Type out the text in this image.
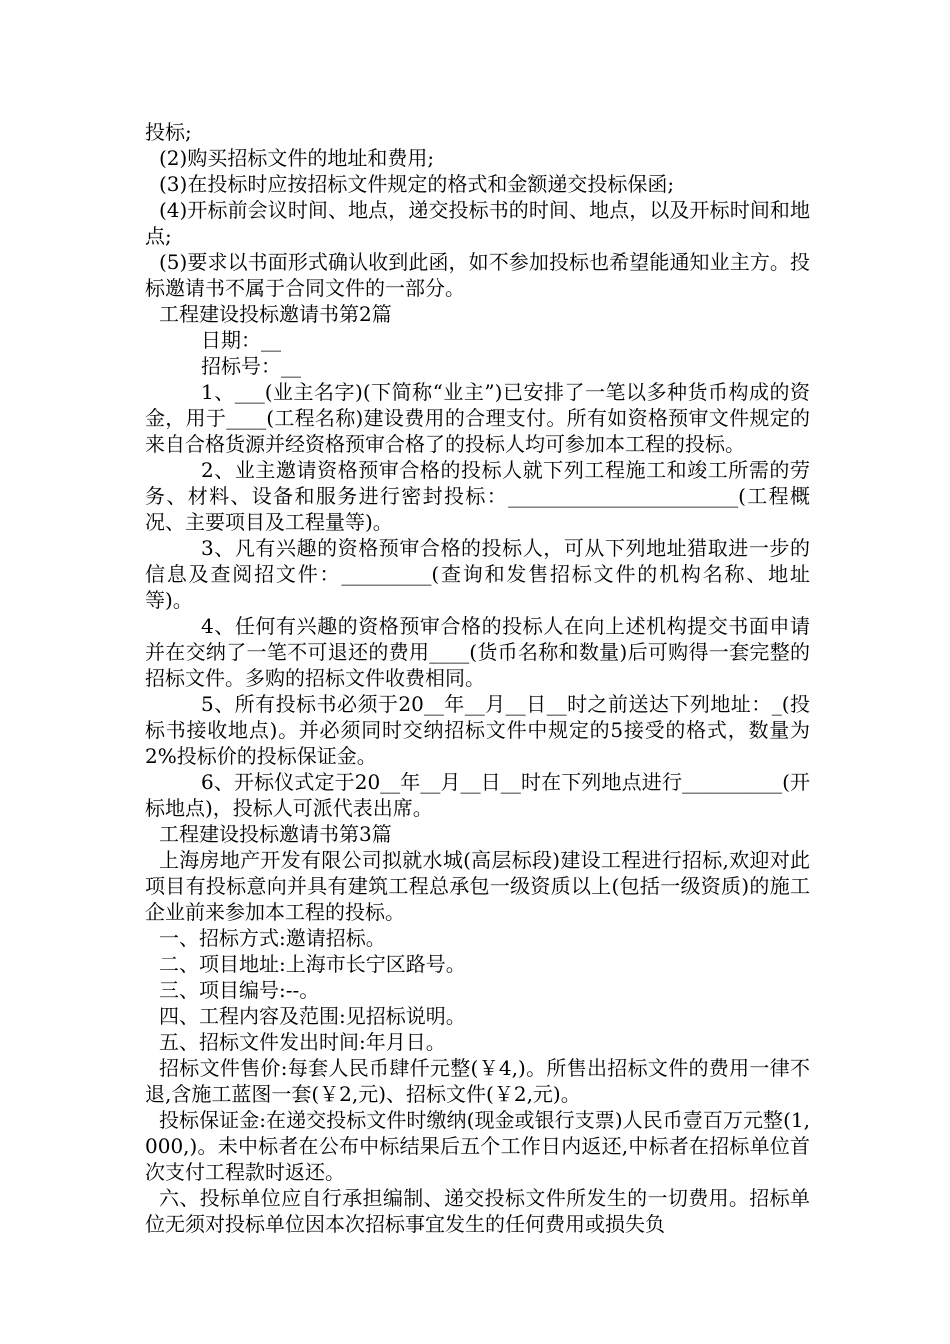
投标;

(2)购买招标文件的地址和费用;

(3)在投标时应按招标文件规定的格式和金额递交投标保函;

(4)开标前会议时间、地点，递交投标书的时间、地点，以及开标时间和地点;

(5)要求以书面形式确认收到此函，如不参加投标也希望能通知业主方。投标邀请书不属于合同文件的一部分。

工程建设投标邀请书第2篇

日期：__

招标号：__

1、___(业主名字)(下简称“业主”)已安排了一笔以多种货币构成的资金，用于____(工程名称)建设费用的合理支付。所有如资格预审文件规定的来自合格货源并经资格预审合格了的投标人均可参加本工程的投标。

2、业主邀请资格预审合格的投标人就下列工程施工和竣工所需的劳务、材料、设备和服务进行密封投标：_______________________(工程概况、主要项目及工程量等)。

3、凡有兴趣的资格预审合格的投标人，可从下列地址猎取进一步的信息及查阅招文件：_________(查询和发售招标文件的机构名称、地址等)。

4、任何有兴趣的资格预审合格的投标人在向上述机构提交书面申请并在交纳了一笔不可退还的费用____(货币名称和数量)后可购得一套完整的招标文件。多购的招标文件收费相同。

5、所有投标书必须于20__年__月__日__时之前送达下列地址：_(投标书接收地点)。并必须同时交纳招标文件中规定的5接受的格式，数量为2%投标价的投标保证金。

6、开标仪式定于20__年__月__日__时在下列地点进行__________(开标地点)，投标人可派代表出席。

工程建设投标邀请书第3篇

上海房地产开发有限公司拟就水城(高层标段)建设工程进行招标,欢迎对此项目有投标意向并具有建筑工程总承包一级资质以上(包括一级资质)的施工企业前来参加本工程的投标。

一、招标方式:邀请招标。

二、项目地址:上海市长宁区路号。

三、项目编号:--。

四、工程内容及范围:见招标说明。

五、招标文件发出时间:年月日。

招标文件售价:每套人民币肆仟元整(￥4,)。所售出招标文件的费用一律不退,含施工蓝图一套(￥2,元)、招标文件(￥2,元)。

投标保证金:在递交投标文件时缴纳(现金或银行支票)人民币壹百万元整(1,000,)。未中标者在公布中标结果后五个工作日内返还,中标者在招标单位首次支付工程款时返还。

六、投标单位应自行承担编制、递交投标文件所发生的一切费用。招标单位无须对投标单位因本次招标事宜发生的任何费用或损失负
